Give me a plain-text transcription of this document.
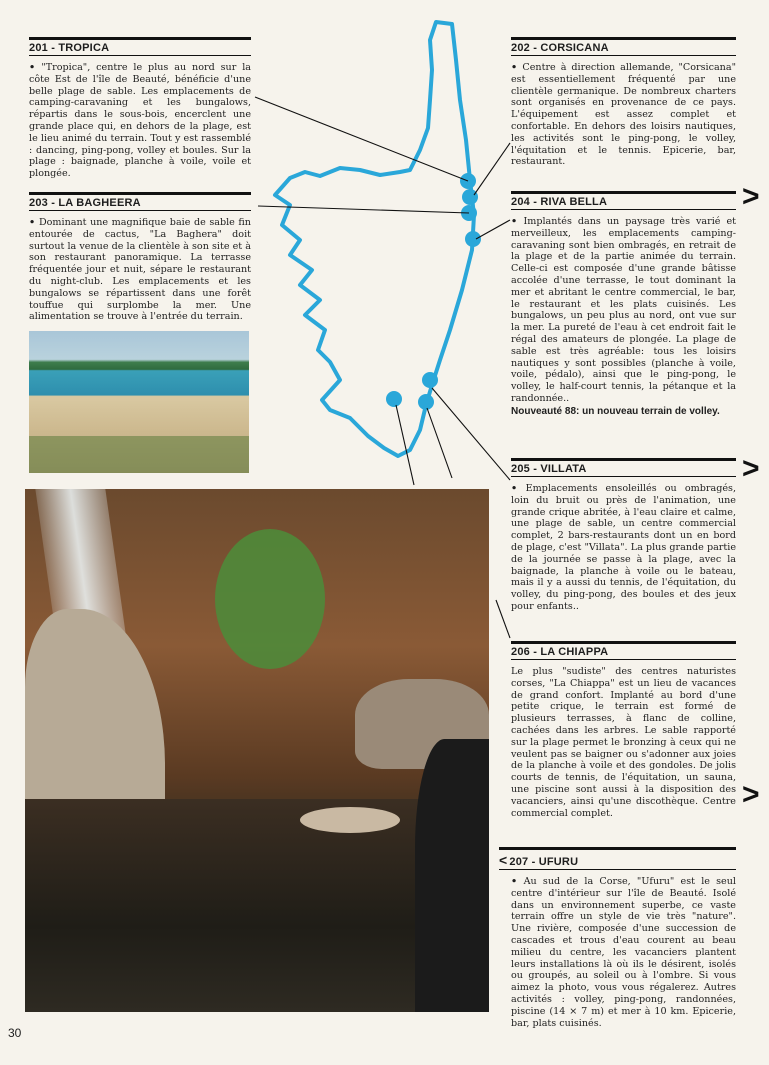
201 - TROPICA

• "Tropica", centre le plus au nord sur la côte Est de l'île de Beauté, bénéficie d'une belle plage de sable. Les emplacements de camping-caravaning et les bungalows, répartis dans le sous-bois, encerclent une grande place qui, en dehors de la plage, est le lieu animé du terrain. Tout y est rassemblé : dancing, ping-pong, volley et boules. Sur la plage : baignade, planche à voile, voile et plongée.

203 - LA BAGHEERA

• Dominant une magnifique baie de sable fin entourée de cactus, "La Baghera" doit surtout la venue de la clientèle à son site et à son restaurant panoramique. La terrasse fréquentée jour et nuit, sépare le restaurant du night-club. Les emplacements et les bungalows se répartissent dans une forêt touffue qui surplombe la mer. Une alimentation se trouve à l'entrée du terrain.

202 - CORSICANA

• Centre à direction allemande, "Corsicana" est essentiellement fréquenté par une clientèle germanique. De nombreux charters sont organisés en provenance de ce pays. L'équipement est assez complet et confortable. En dehors des loisirs nautiques, les activités sont le ping-pong, le volley, l'équitation et le tennis. Epicerie, bar, restaurant.

204 - RIVA BELLA

• Implantés dans un paysage très varié et merveilleux, les emplacements camping-caravaning sont bien ombragés, en retrait de la plage et de la partie animée du terrain. Celle-ci est composée d'une grande bâtisse accolée d'une terrasse, le tout dominant la mer et abritant le centre commercial, le bar, le restaurant et les plats cuisinés. Les bungalows, un peu plus au nord, ont vue sur la mer. La pureté de l'eau à cet endroit fait le régal des amateurs de plongée. La plage de sable est très agréable: tous les loisirs nautiques y sont possibles (planche à voile, voile, pédalo), ainsi que le ping-pong, le volley, le half-court tennis, la pétanque et la randonnée..

Nouveauté 88: un nouveau terrain de volley.
>
205 - VILLATA

• Emplacements ensoleillés ou ombragés, loin du bruit ou près de l'animation, une grande crique abritée, à l'eau claire et calme, une plage de sable, un centre commercial complet, 2 bars-restaurants dont un en bord de plage, c'est "Villata". La plus grande partie de la journée se passe à la plage, avec la baignade, la planche à voile ou le bateau, mais il y a aussi du tennis, de l'équitation, du volley, du ping-pong, des boules et des jeux pour enfants..

>
206 - LA CHIAPPA

Le plus "sudiste" des centres naturistes corses, "La Chiappa" est un lieu de vacances de grand confort. Implanté au bord d'une petite crique, le terrain est formé de plusieurs terrasses, à flanc de colline, cachées dans les arbres. Le sable rapporté sur la plage permet le bronzing à ceux qui ne veulent pas se baigner ou s'adonner aux joies de la planche à voile et des gondoles. De jolis courts de tennis, de l'équitation, un sauna, une piscine sont aussi à la disposition des vacanciers, ainsi qu'une discothèque. Centre commercial complet.

>
< 207 - UFURU

• Au sud de la Corse, "Ufuru" est le seul centre d'intérieur sur l'île de Beauté. Isolé dans un environnement superbe, ce vaste terrain offre un style de vie très "nature". Une rivière, composée d'une succession de cascades et trous d'eau courent au beau milieu du centre, les vacanciers plantent leurs installations là où ils le désirent, isolés ou groupés, au soleil ou à l'ombre. Si vous aimez la photo, vous vous régalerez. Autres activités : volley, ping-pong, randonnées, piscine (14 × 7 m) et mer à 10 km. Epicerie, bar, plats cuisinés.

30
